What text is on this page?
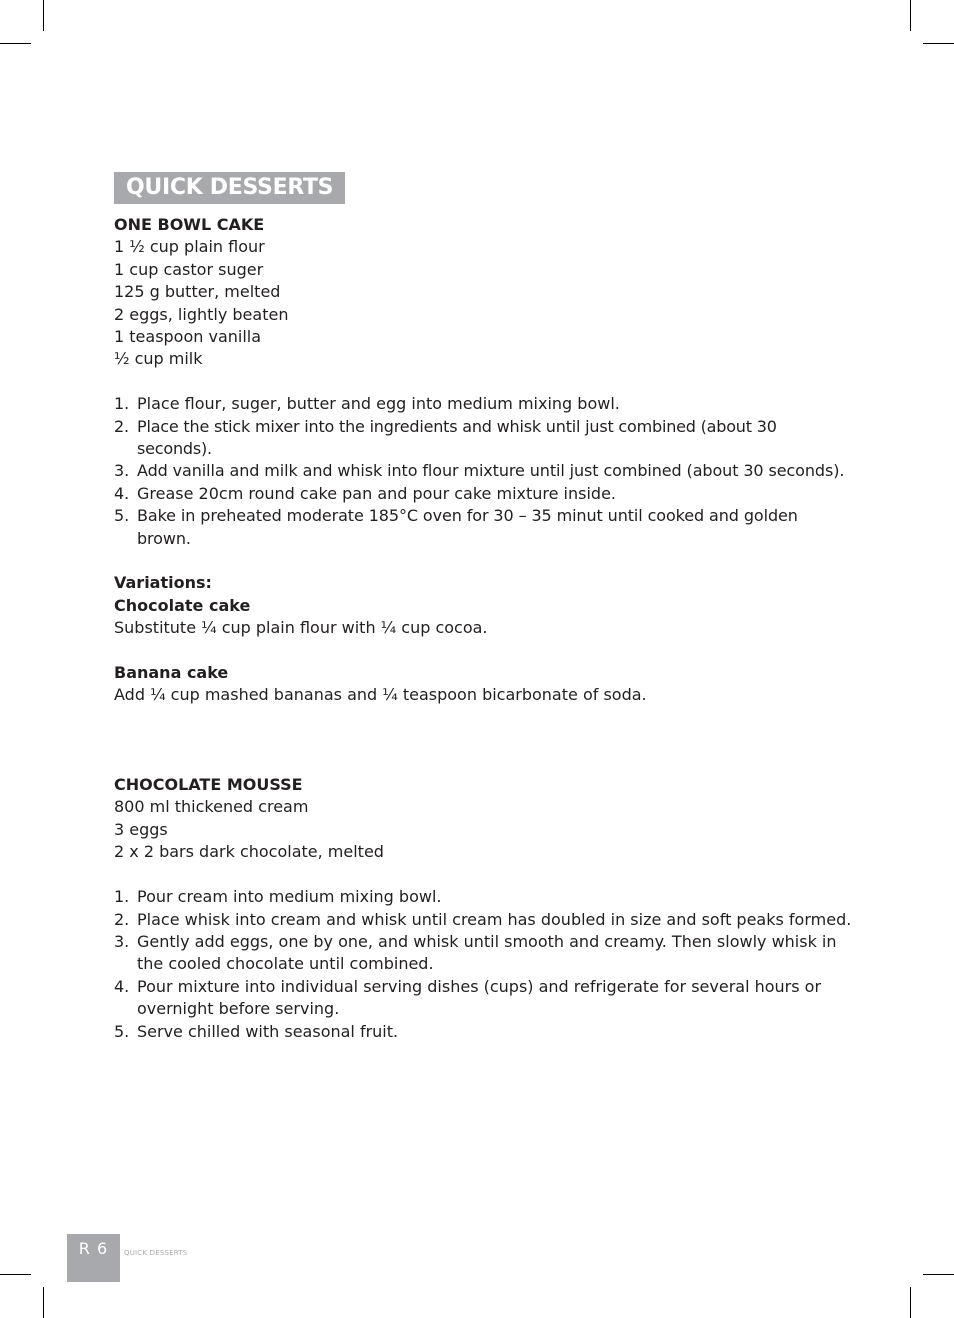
QUICK DESSERTS
ONE BOWL CAKE
1 ½ cup plain flour
1 cup castor suger
125 g butter, melted
2 eggs, lightly beaten
1 teaspoon vanilla
½ cup milk
1. Place flour, suger, butter and egg into medium mixing bowl.
2. Place the stick mixer into the ingredients and whisk until just combined (about 30 seconds).
3. Add vanilla and milk and whisk into flour mixture until just combined (about 30 seconds).
4. Grease 20cm round cake pan and pour cake mixture inside.
5. Bake in preheated moderate 185°C oven for 30 – 35 minut until cooked and golden brown.
Variations:
Chocolate cake
Substitute ¼ cup plain flour with ¼ cup cocoa.
Banana cake
Add ¼ cup mashed bananas and ¼ teaspoon bicarbonate of soda.
CHOCOLATE MOUSSE
800 ml thickened cream
3 eggs
2 x 2 bars dark chocolate, melted
1. Pour cream into medium mixing bowl.
2. Place whisk into cream and whisk until cream has doubled in size and soft peaks formed.
3. Gently add eggs, one by one, and whisk until smooth and creamy. Then slowly whisk in the cooled chocolate until combined.
4. Pour mixture into individual serving dishes (cups) and refrigerate for several hours or overnight before serving.
5. Serve chilled with seasonal fruit.
R 6	QUICK DESSERTS
